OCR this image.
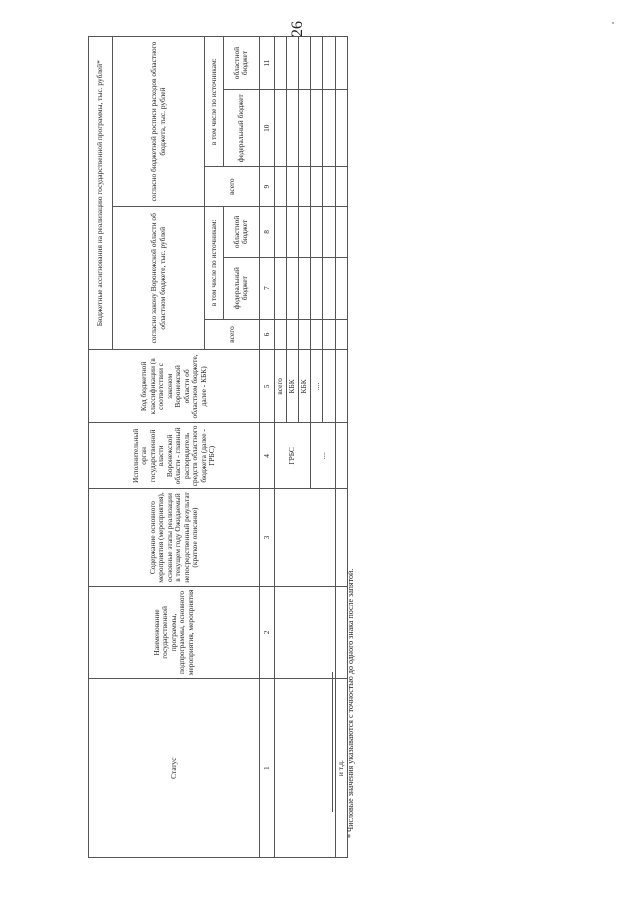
26
Статус	Наименование государственной программы, подпрограммы, основного мероприятия, мероприятия	Содержание основного мероприятия (мероприятия), основные этапы реализации в текущем году Ожидаемый непосредственный результат (краткое описание)	Исполнительный орган государственной власти Воронежской области - главный распорядитель средств областного бюджета (далее - ГРБС)	Код бюджетной классификации (в соответствии с законом Воронежской области об областном бюджете, далее - КБК)	Бюджетные ассигнования на реализацию государственной программы, тыс. рублей*					
					согласно закону Воронежской области об областном бюджете, тыс. рублей			согласно бюджетной росписи расходов областного бюджета, тыс. рублей		
					всего	в том числе по источникам:		всего	в том числе по источникам:	
						федеральный бюджет	областной бюджет		федеральный бюджет	областной бюджет
1	2	3	4	5	6	7	8	9	10	11
			ГРБС	всего						
				КБК						
				КБК						
			....	....						

и т.д.										* Числовые значения указываются с точностью до одного знака после запятой.
